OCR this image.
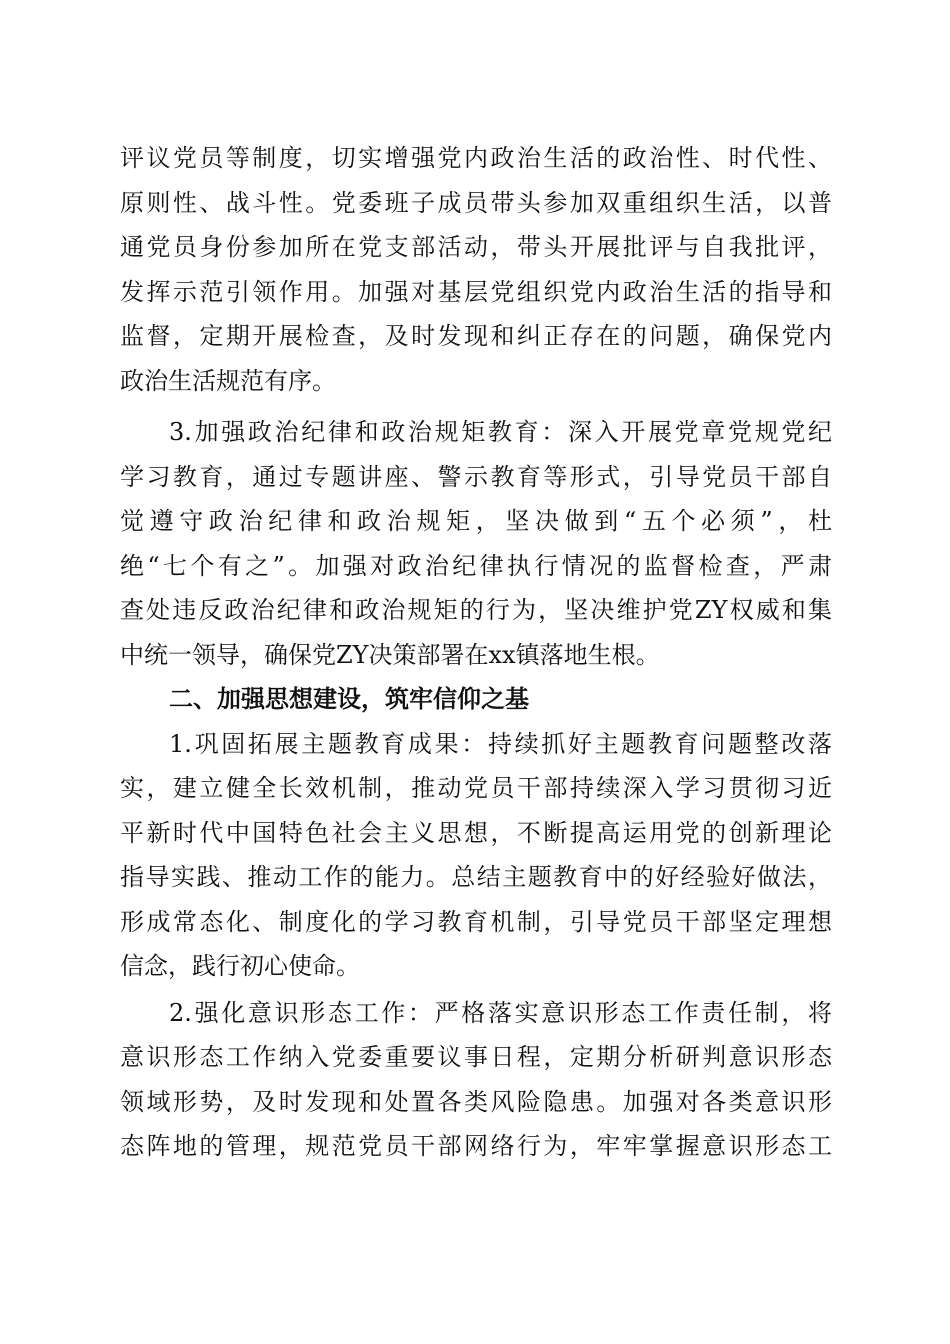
评议党员等制度，切实增强党内政治生活的政治性、时代性、
原则性、战斗性。党委班子成员带头参加双重组织生活，以普
通党员身份参加所在党支部活动，带头开展批评与自我批评，
发挥示范引领作用。加强对基层党组织党内政治生活的指导和
监督，定期开展检查，及时发现和纠正存在的问题，确保党内
政治生活规范有序。
3.加强政治纪律和政治规矩教育：深入开展党章党规党纪
学习教育，通过专题讲座、警示教育等形式，引导党员干部自
觉遵守政治纪律和政治规矩，坚决做到“五个必须”，杜
绝“七个有之”。加强对政治纪律执行情况的监督检查，严肃
查处违反政治纪律和政治规矩的行为，坚决维护党ZY权威和集
中统一领导，确保党ZY决策部署在xx镇落地生根。
二、加强思想建设，筑牢信仰之基
1.巩固拓展主题教育成果：持续抓好主题教育问题整改落
实，建立健全长效机制，推动党员干部持续深入学习贯彻习近
平新时代中国特色社会主义思想，不断提高运用党的创新理论
指导实践、推动工作的能力。总结主题教育中的好经验好做法，
形成常态化、制度化的学习教育机制，引导党员干部坚定理想
信念，践行初心使命。
2.强化意识形态工作：严格落实意识形态工作责任制，将
意识形态工作纳入党委重要议事日程，定期分析研判意识形态
领域形势，及时发现和处置各类风险隐患。加强对各类意识形
态阵地的管理，规范党员干部网络行为，牢牢掌握意识形态工
